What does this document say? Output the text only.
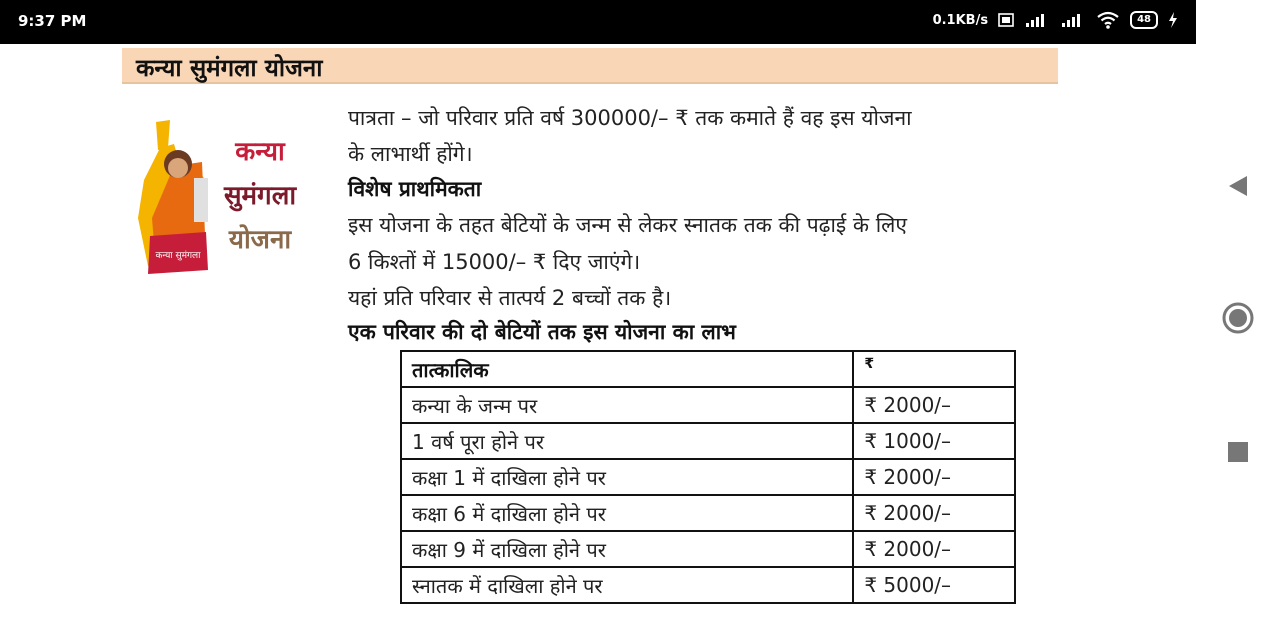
9:37 PM	0.1KB/s	48
कन्या सुमंगला योजना
कन्या सुमंगला
कन्या
सुमंगला
योजना
पात्रता – जो परिवार प्रति वर्ष 300000/– ₹ तक कमाते हैं वह इस योजना
के लाभार्थी होंगे।
विशेष प्राथमिकता
इस योजना के तहत बेटियों के जन्म से लेकर स्नातक तक की पढ़ाई के लिए
6 किश्तों में 15000/– ₹ दिए जाएंगे।
यहां प्रति परिवार से तात्पर्य 2 बच्चों तक है।
एक परिवार की दो बेटियों तक इस योजना का लाभ
तात्कालिक	₹
कन्या के जन्म पर	₹ 2000/–
1 वर्ष पूरा होने पर	₹ 1000/–
कक्षा 1 में दाखिला होने पर	₹ 2000/–
कक्षा 6 में दाखिला होने पर	₹ 2000/–
कक्षा 9 में दाखिला होने पर	₹ 2000/–
स्नातक में दाखिला होने पर	₹ 5000/–
